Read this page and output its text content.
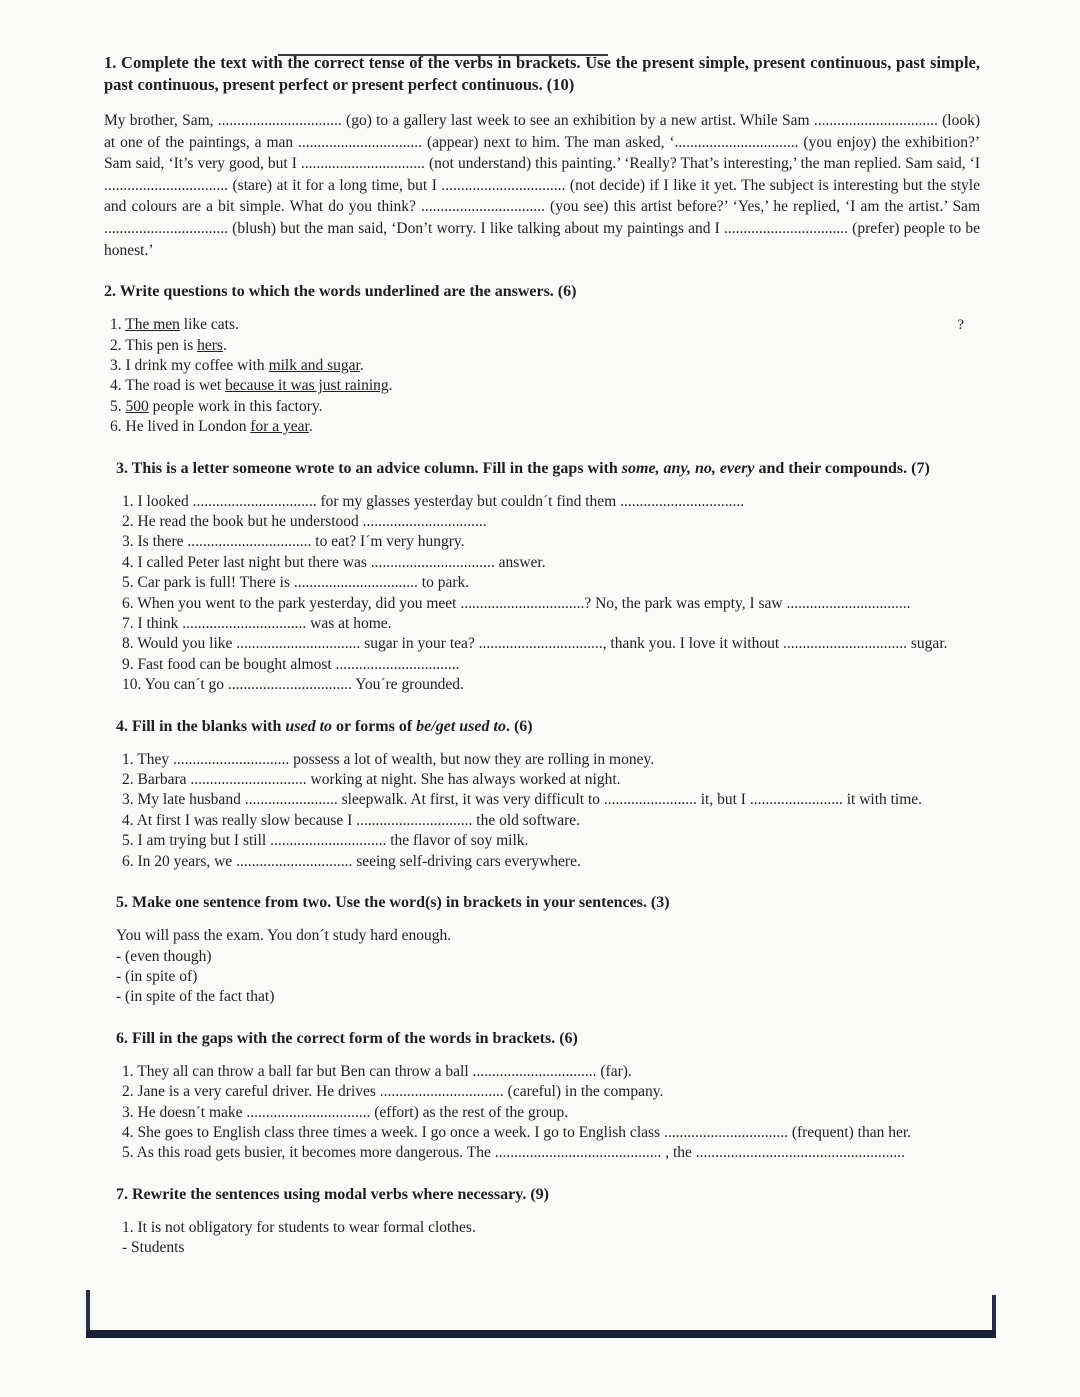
1. Complete the text with the correct tense of the verbs in brackets. Use the present simple, present continuous, past simple, past continuous, present perfect or present perfect continuous. (10)

My brother, Sam, ................................ (go) to a gallery last week to see an exhibition by a new artist. While Sam ................................ (look) at one of the paintings, a man ................................ (appear) next to him. The man asked, ‘................................ (you enjoy) the exhibition?’ Sam said, ‘It’s very good, but I ................................ (not understand) this painting.’ ‘Really? That’s interesting,’ the man replied. Sam said, ‘I ................................ (stare) at it for a long time, but I ................................ (not decide) if I like it yet. The subject is interesting but the style and colours are a bit simple. What do you think? ................................ (you see) this artist before?’ ‘Yes,’ he replied, ‘I am the artist.’ Sam ................................ (blush) but the man said, ‘Don’t worry. I like talking about my paintings and I ................................ (prefer) people to be honest.’

2. Write questions to which the words underlined are the answers. (6)

?
1. The men like cats.
2. This pen is hers.
3. I drink my coffee with milk and sugar.
4. The road is wet because it was just raining.
5. 500 people work in this factory.
6. He lived in London for a year.

3. This is a letter someone wrote to an advice column. Fill in the gaps with some, any, no, every and their compounds. (7)

1. I looked ................................ for my glasses yesterday but couldn´t find them ................................
2. He read the book but he understood ................................
3. Is there ................................ to eat? I´m very hungry.
4. I called Peter last night but there was ................................ answer.
5. Car park is full! There is ................................ to park.
6. When you went to the park yesterday, did you meet ................................? No, the park was empty, I saw ................................
7. I think ................................ was at home.
8. Would you like ................................ sugar in your tea? ................................, thank you. I love it without ................................ sugar.
9. Fast food can be bought almost ................................
10. You can´t go ................................ You´re grounded.

4. Fill in the blanks with used to or forms of be/get used to. (6)

1. They .............................. possess a lot of wealth, but now they are rolling in money.
2. Barbara .............................. working at night. She has always worked at night.
3. My late husband ........................ sleepwalk. At first, it was very difficult to ........................ it, but I ........................ it with time.
4. At first I was really slow because I .............................. the old software.
5. I am trying but I still .............................. the flavor of soy milk.
6. In 20 years, we .............................. seeing self-driving cars everywhere.

5. Make one sentence from two. Use the word(s) in brackets in your sentences. (3)

You will pass the exam. You don´t study hard enough.
- (even though)
- (in spite of)
- (in spite of the fact that)

6. Fill in the gaps with the correct form of the words in brackets. (6)

1. They all can throw a ball far but Ben can throw a ball ................................ (far).
2. Jane is a very careful driver. He drives ................................ (careful) in the company.
3. He doesn´t make ................................ (effort) as the rest of the group.
4. She goes to English class three times a week. I go once a week. I go to English class ................................ (frequent) than her.
5. As this road gets busier, it becomes more dangerous. The ........................................... , the ......................................................

7. Rewrite the sentences using modal verbs where necessary. (9)

1. It is not obligatory for students to wear formal clothes.
- Students
